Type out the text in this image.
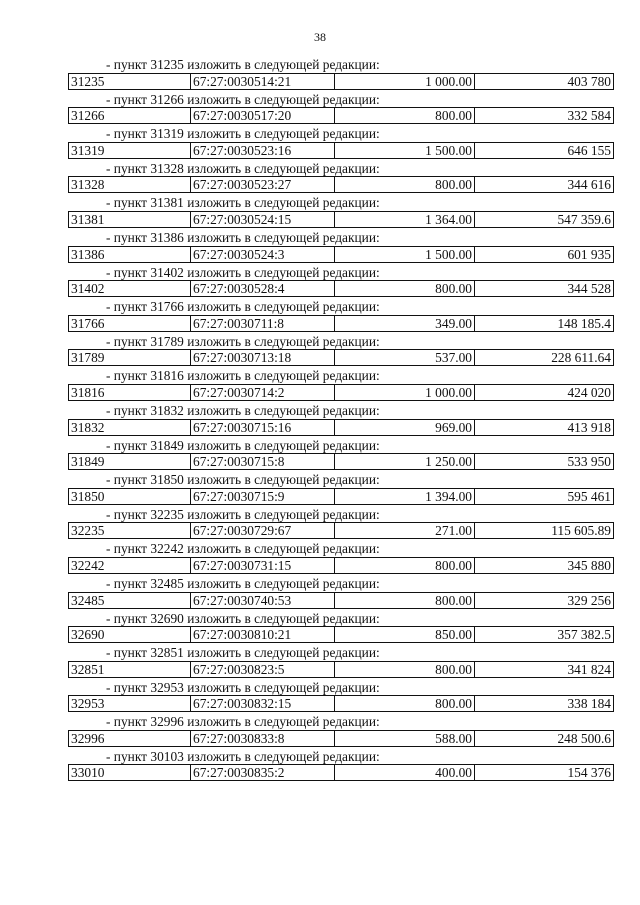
38
- пункт 31235 изложить в следующей редакции:
31235	67:27:0030514:21	1 000.00	403 780
- пункт 31266 изложить в следующей редакции:
31266	67:27:0030517:20	800.00	332 584
- пункт 31319 изложить в следующей редакции:
31319	67:27:0030523:16	1 500.00	646 155
- пункт 31328 изложить в следующей редакции:
31328	67:27:0030523:27	800.00	344 616
- пункт 31381 изложить в следующей редакции:
31381	67:27:0030524:15	1 364.00	547 359.6
- пункт 31386 изложить в следующей редакции:
31386	67:27:0030524:3	1 500.00	601 935
- пункт 31402 изложить в следующей редакции:
31402	67:27:0030528:4	800.00	344 528
- пункт 31766 изложить в следующей редакции:
31766	67:27:0030711:8	349.00	148 185.4
- пункт 31789 изложить в следующей редакции:
31789	67:27:0030713:18	537.00	228 611.64
- пункт 31816 изложить в следующей редакции:
31816	67:27:0030714:2	1 000.00	424 020
- пункт 31832 изложить в следующей редакции:
31832	67:27:0030715:16	969.00	413 918
- пункт 31849 изложить в следующей редакции:
31849	67:27:0030715:8	1 250.00	533 950
- пункт 31850 изложить в следующей редакции:
31850	67:27:0030715:9	1 394.00	595 461
- пункт 32235 изложить в следующей редакции:
32235	67:27:0030729:67	271.00	115 605.89
- пункт 32242 изложить в следующей редакции:
32242	67:27:0030731:15	800.00	345 880
- пункт 32485 изложить в следующей редакции:
32485	67:27:0030740:53	800.00	329 256
- пункт 32690 изложить в следующей редакции:
32690	67:27:0030810:21	850.00	357 382.5
- пункт 32851 изложить в следующей редакции:
32851	67:27:0030823:5	800.00	341 824
- пункт 32953 изложить в следующей редакции:
32953	67:27:0030832:15	800.00	338 184
- пункт 32996 изложить в следующей редакции:
32996	67:27:0030833:8	588.00	248 500.6
- пункт 30103 изложить в следующей редакции:
33010	67:27:0030835:2	400.00	154 376
